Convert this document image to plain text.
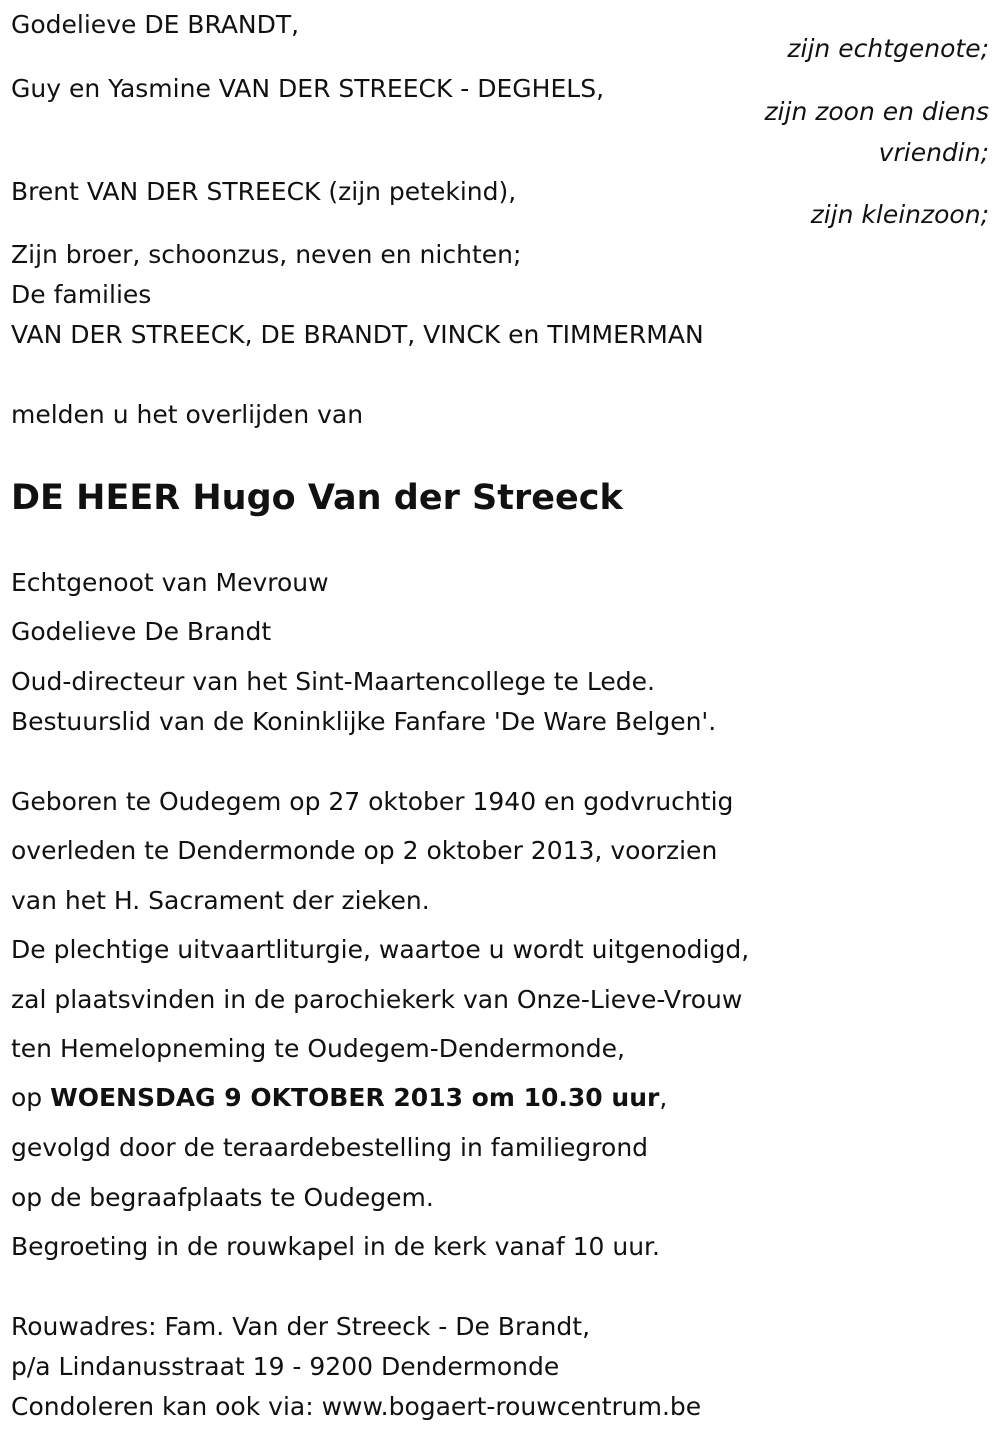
Godelieve DE BRANDT,
zijn echtgenote;
Guy en Yasmine VAN DER STREECK - DEGHELS,
zijn zoon en diens
vriendin;
Brent VAN DER STREECK (zijn petekind),
zijn kleinzoon;
Zijn broer, schoonzus, neven en nichten;
De families
VAN DER STREECK, DE BRANDT, VINCK en TIMMERMAN
melden u het overlijden van
DE HEER Hugo Van der Streeck
Echtgenoot van Mevrouw
Godelieve De Brandt
Oud-directeur van het Sint-Maartencollege te Lede.
Bestuurslid van de Koninklijke Fanfare 'De Ware Belgen'.
Geboren te Oudegem op 27 oktober 1940 en godvruchtig
overleden te Dendermonde op 2 oktober 2013, voorzien
van het H. Sacrament der zieken.
De plechtige uitvaartliturgie, waartoe u wordt uitgenodigd,
zal plaatsvinden in de parochiekerk van Onze-Lieve-Vrouw
ten Hemelopneming te Oudegem-Dendermonde,
op WOENSDAG 9 OKTOBER 2013 om 10.30 uur,
gevolgd door de teraardebestelling in familiegrond
op de begraafplaats te Oudegem.
Begroeting in de rouwkapel in de kerk vanaf 10 uur.
Rouwadres: Fam. Van der Streeck - De Brandt,
p/a Lindanusstraat 19 - 9200 Dendermonde
Condoleren kan ook via: www.bogaert-rouwcentrum.be
